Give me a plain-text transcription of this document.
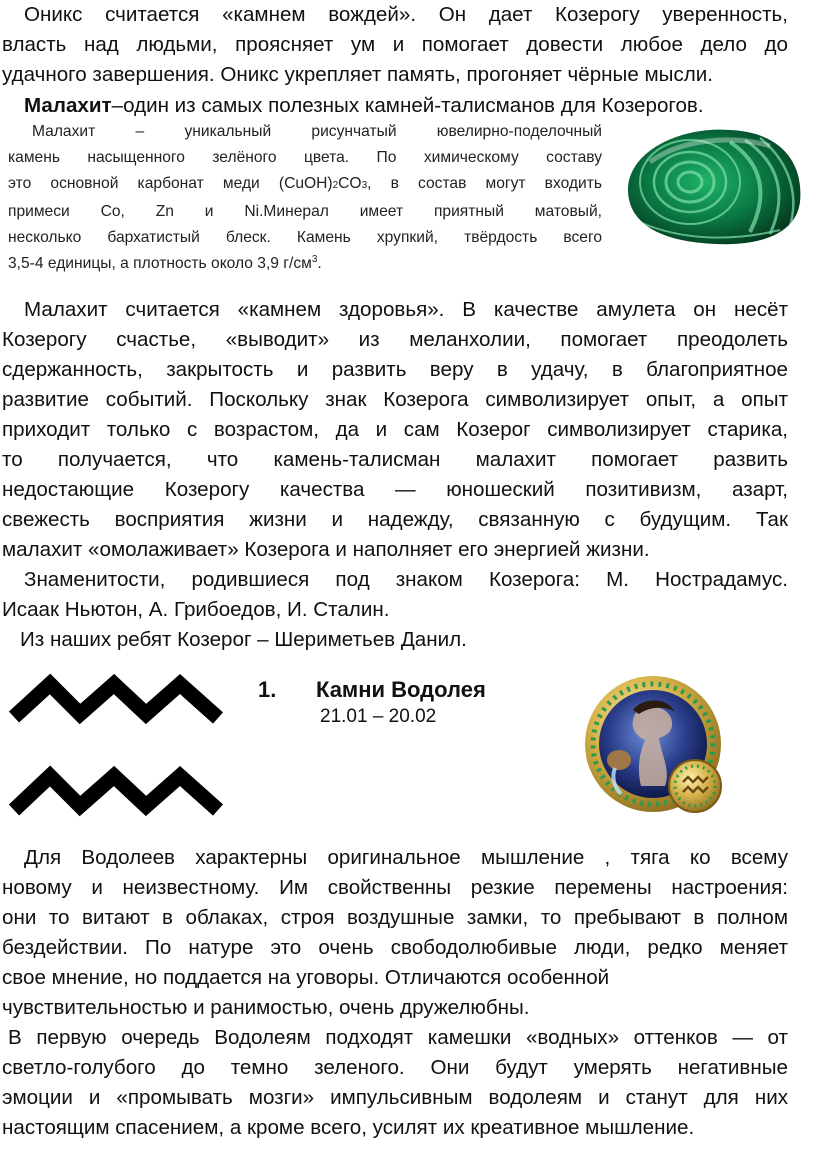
Оникс считается «камнем вождей». Он дает Козерогу уверенность,
власть над людьми, проясняет ум и помогает довести любое дело до
удачного завершения. Оникс укрепляет память, прогоняет чёрные мысли.
Малахит–один из самых полезных камней-талисманов для Козерогов.
Малахит – уникальный рисунчатый ювелирно-поделочный
камень насыщенного зелёного цвета. По химическому составу
это основной карбонат меди (CuOH)2CO3, в состав могут входить
примеси Co, Zn и Ni.Минерал имеет приятный матовый,
несколько бархатистый блеск. Камень хрупкий, твёрдость всего
3,5-4 единицы, а плотность около 3,9 $г/см^3$.
Малахит считается «камнем здоровья». В качестве амулета он несёт
Козерогу счастье, «выводит» из меланхолии, помогает преодолеть
сдержанность, закрытость и развить веру в удачу, в благоприятное
развитие событий. Поскольку знак Козерога символизирует опыт, а опыт
приходит только с возрастом, да и сам Козерог символизирует старика,
то получается, что камень-талисман малахит помогает развить
недостающие Козерогу качества — юношеский позитивизм, азарт,
свежесть восприятия жизни и надежду, связанную с будущим. Так
малахит «омолаживает» Козерога и наполняет его энергией жизни.
Знаменитости, родившиеся под знаком Козерога: М. Нострадамус.
Исаак Ньютон, А. Грибоедов, И. Сталин.
Из наших ребят Козерог – Шериметьев Данил.
1. Камни Водолея
21.01 – 20.02
Для Водолеев характерны оригинальное мышление , тяга ко всему
новому и неизвестному. Им свойственны резкие перемены настроения:
они то витают в облаках, строя воздушные замки, то пребывают в полном
бездействии. По натуре это очень свободолюбивые люди, редко меняет
свое мнение, но поддается на уговоры. Отличаются особенной
чувствительностью и ранимостью, очень дружелюбны.
В первую очередь Водолеям подходят камешки «водных» оттенков — от
светло-голубого до темно зеленого. Они будут умерять негативные
эмоции и «промывать мозги» импульсивным водолеям и станут для них
настоящим спасением, а кроме всего, усилят их креативное мышление.
